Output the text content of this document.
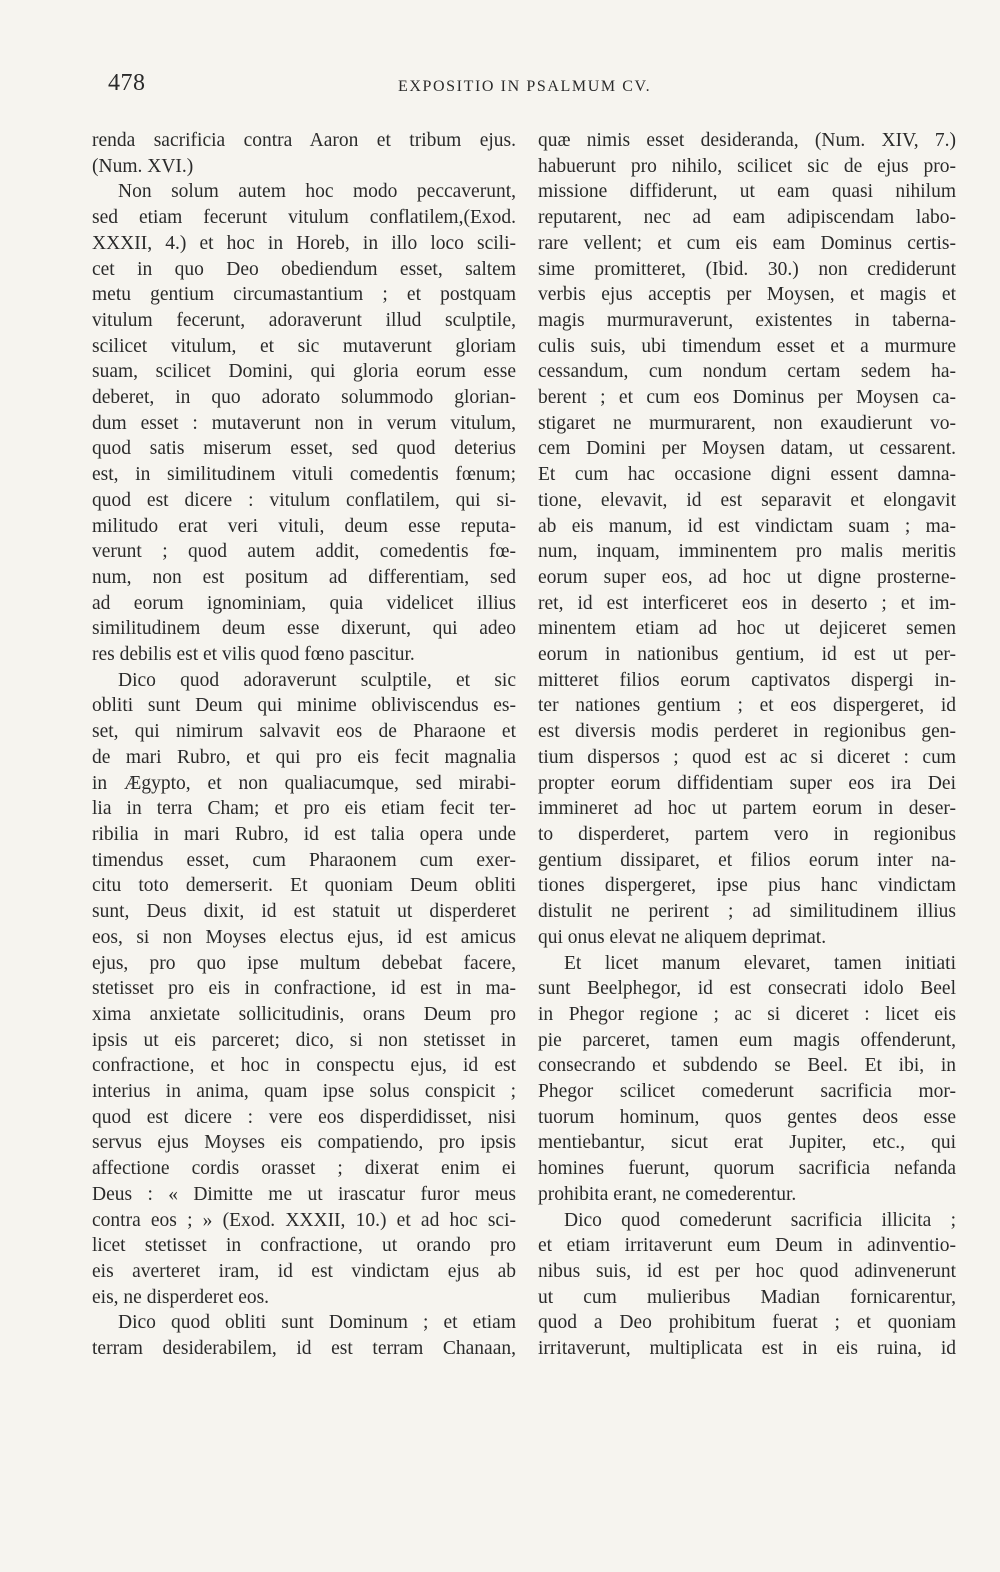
478	EXPOSITIO IN PSALMUM CV.
renda sacrificia contra Aaron et tribum ejus.
(Num. XVI.)
Non solum autem hoc modo peccaverunt,
sed etiam fecerunt vitulum conflatilem,(Exod.
XXXII, 4.) et hoc in Horeb, in illo loco scili-
cet in quo Deo obediendum esset, saltem
metu gentium circumastantium ; et postquam
vitulum fecerunt, adoraverunt illud sculptile,
scilicet vitulum, et sic mutaverunt gloriam
suam, scilicet Domini, qui gloria eorum esse
deberet, in quo adorato solummodo glorian-
dum esset : mutaverunt non in verum vitulum,
quod satis miserum esset, sed quod deterius
est, in similitudinem vituli comedentis fœnum;
quod est dicere : vitulum conflatilem, qui si-
militudo erat veri vituli, deum esse reputa-
verunt ; quod autem addit, comedentis fœ-
num, non est positum ad differentiam, sed
ad eorum ignominiam, quia videlicet illius
similitudinem deum esse dixerunt, qui adeo
res debilis est et vilis quod fœno pascitur.
Dico quod adoraverunt sculptile, et sic
obliti sunt Deum qui minime obliviscendus es-
set, qui nimirum salvavit eos de Pharaone et
de mari Rubro, et qui pro eis fecit magnalia
in Ægypto, et non qualiacumque, sed mirabi-
lia in terra Cham; et pro eis etiam fecit ter-
ribilia in mari Rubro, id est talia opera unde
timendus esset, cum Pharaonem cum exer-
citu toto demerserit. Et quoniam Deum obliti
sunt, Deus dixit, id est statuit ut disperderet
eos, si non Moyses electus ejus, id est amicus
ejus, pro quo ipse multum debebat facere,
stetisset pro eis in confractione, id est in ma-
xima anxietate sollicitudinis, orans Deum pro
ipsis ut eis parceret; dico, si non stetisset in
confractione, et hoc in conspectu ejus, id est
interius in anima, quam ipse solus conspicit ;
quod est dicere : vere eos disperdidisset, nisi
servus ejus Moyses eis compatiendo, pro ipsis
affectione cordis orasset ; dixerat enim ei
Deus : « Dimitte me ut irascatur furor meus
contra eos ; » (Exod. XXXII, 10.) et ad hoc sci-
licet stetisset in confractione, ut orando pro
eis averteret iram, id est vindictam ejus ab
eis, ne disperderet eos.
Dico quod obliti sunt Dominum ; et etiam
terram desiderabilem, id est terram Chanaan,
quæ nimis esset desideranda, (Num. XIV, 7.)
habuerunt pro nihilo, scilicet sic de ejus pro-
missione diffiderunt, ut eam quasi nihilum
reputarent, nec ad eam adipiscendam labo-
rare vellent; et cum eis eam Dominus certis-
sime promitteret, (Ibid. 30.) non crediderunt
verbis ejus acceptis per Moysen, et magis et
magis murmuraverunt, existentes in taberna-
culis suis, ubi timendum esset et a murmure
cessandum, cum nondum certam sedem ha-
berent ; et cum eos Dominus per Moysen ca-
stigaret ne murmurarent, non exaudierunt vo-
cem Domini per Moysen datam, ut cessarent.
Et cum hac occasione digni essent damna-
tione, elevavit, id est separavit et elongavit
ab eis manum, id est vindictam suam ; ma-
num, inquam, imminentem pro malis meritis
eorum super eos, ad hoc ut digne prosterne-
ret, id est interficeret eos in deserto ; et im-
minentem etiam ad hoc ut dejiceret semen
eorum in nationibus gentium, id est ut per-
mitteret filios eorum captivatos dispergi in-
ter nationes gentium ; et eos dispergeret, id
est diversis modis perderet in regionibus gen-
tium dispersos ; quod est ac si diceret : cum
propter eorum diffidentiam super eos ira Dei
immineret ad hoc ut partem eorum in deser-
to disperderet, partem vero in regionibus
gentium dissiparet, et filios eorum inter na-
tiones dispergeret, ipse pius hanc vindictam
distulit ne perirent ; ad similitudinem illius
qui onus elevat ne aliquem deprimat.
Et licet manum elevaret, tamen initiati
sunt Beelphegor, id est consecrati idolo Beel
in Phegor regione ; ac si diceret : licet eis
pie parceret, tamen eum magis offenderunt,
consecrando et subdendo se Beel. Et ibi, in
Phegor scilicet comederunt sacrificia mor-
tuorum hominum, quos gentes deos esse
mentiebantur, sicut erat Jupiter, etc., qui
homines fuerunt, quorum sacrificia nefanda
prohibita erant, ne comederentur.
Dico quod comederunt sacrificia illicita ;
et etiam irritaverunt eum Deum in adinventio-
nibus suis, id est per hoc quod adinvenerunt
ut cum mulieribus Madian fornicarentur,
quod a Deo prohibitum fuerat ; et quoniam
irritaverunt, multiplicata est in eis ruina, id
